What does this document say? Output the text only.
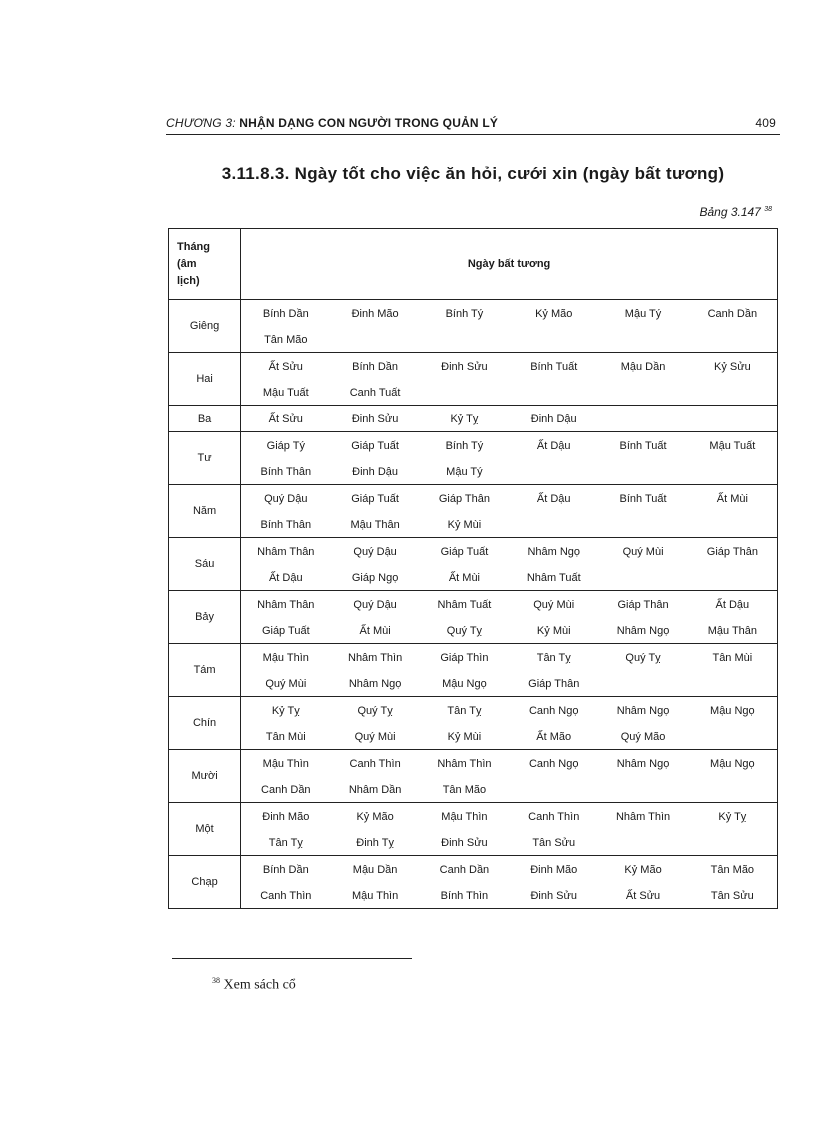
CHƯƠNG 3: NHẬN DẠNG CON NGƯỜI TRONG QUẢN LÝ	409
3.11.8.3. Ngày tốt cho việc ăn hỏi, cưới xin (ngày bất tương)
Bảng 3.147 $^{38}$
Tháng
(âm
lịch)	Ngày bất tương					
Giêng	Bính Dần	Đinh Mão	Bính Tý	Kỷ Mão	Mậu Tý	Canh Dần
	Tân Mão					
Hai	Ất Sửu	Bính Dần	Đinh Sửu	Bính Tuất	Mậu Dần	Kỷ Sửu
	Mậu Tuất	Canh Tuất				
Ba	Ất Sửu	Đinh Sửu	Kỷ Tỵ	Đinh Dậu		
Tư	Giáp Tý	Giáp Tuất	Bính Tý	Ất Dậu	Bính Tuất	Mậu Tuất
	Bính Thân	Đinh Dậu	Mậu Tý			
Năm	Quý Dậu	Giáp Tuất	Giáp Thân	Ất Dậu	Bính Tuất	Ất Mùi
	Bính Thân	Mậu Thân	Kỷ Mùi			
Sáu	Nhâm Thân	Quý Dậu	Giáp Tuất	Nhâm Ngọ	Quý Mùi	Giáp Thân
	Ất Dậu	Giáp Ngọ	Ất Mùi	Nhâm Tuất		
Bảy	Nhâm Thân	Quý Dậu	Nhâm Tuất	Quý Mùi	Giáp Thân	Ất Dậu
	Giáp Tuất	Ất Mùi	Quý Tỵ	Kỷ Mùi	Nhâm Ngọ	Mậu Thân
Tám	Mậu Thìn	Nhâm Thìn	Giáp Thìn	Tân Tỵ	Quý Tỵ	Tân Mùi
	Quý Mùi	Nhâm Ngọ	Mậu Ngọ	Giáp Thân		
Chín	Kỷ Tỵ	Quý Tỵ	Tân Tỵ	Canh Ngọ	Nhâm Ngọ	Mậu Ngọ
	Tân Mùi	Quý Mùi	Kỷ Mùi	Ất Mão	Quý Mão	
Mười	Mậu Thìn	Canh Thìn	Nhâm Thìn	Canh Ngọ	Nhâm Ngọ	Mậu Ngọ
	Canh Dần	Nhâm Dần	Tân Mão			
Một	Đinh Mão	Kỷ Mão	Mậu Thìn	Canh Thìn	Nhâm Thìn	Kỷ Tỵ
	Tân Tỵ	Đinh Tỵ	Đinh Sửu	Tân Sửu		
Chạp	Bính Dần	Mậu Dần	Canh Dần	Đinh Mão	Kỷ Mão	Tân Mão
	Canh Thìn	Mậu Thìn	Bính Thìn	Đinh Sửu	Ất Sửu	Tân Sửu
$^{38}$ Xem sách cổ
